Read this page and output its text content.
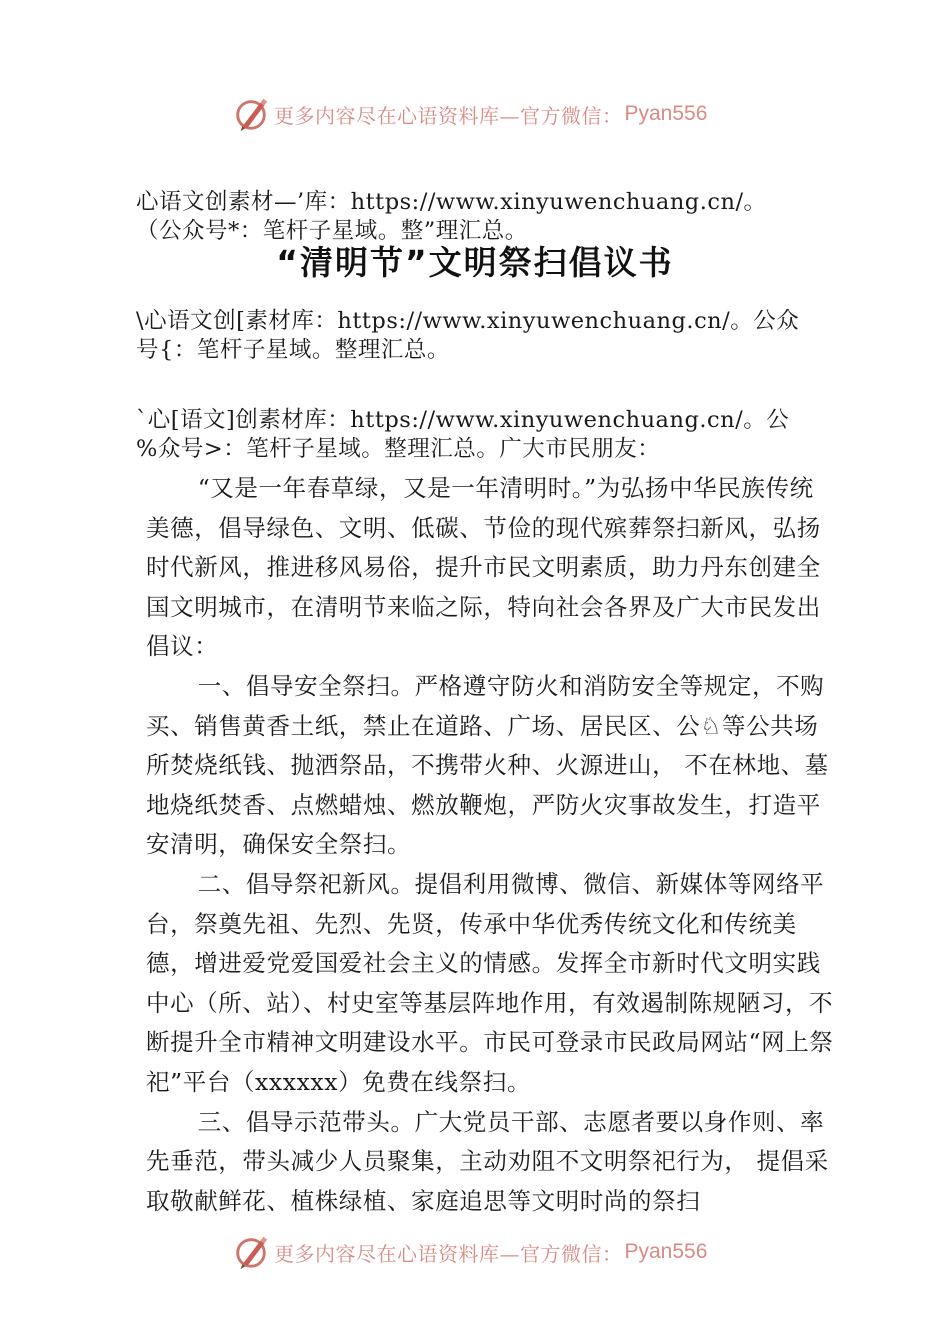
更多内容尽在心语资料库—官方微信： Pyan556
心语文创素材—’库：https://www.xinyuwenchuang.cn/。
（公众号*：笔杆子星域。整”理汇总。
“清明节”文明祭扫倡议书
\心语文创[素材库：https://www.xinyuwenchuang.cn/。公众
号{：笔杆子星域。整理汇总。
`心[语文]创素材库：https://www.xinyuwenchuang.cn/。公
%众号>：笔杆子星域。整理汇总。广大市民朋友：

“又是一年春草绿，又是一年清明时。”为弘扬中华民族传统美德，倡导绿色、文明、低碳、节俭的现代殡葬祭扫新风，弘扬时代新风，推进移风易俗，提升市民文明素质，助力丹东创建全国文明城市，在清明节来临之际，特向社会各界及广大市民发出倡议：

一、倡导安全祭扫。严格遵守防火和消防安全等规定，不购买、销售黄香土纸，禁止在道路、广场、居民区、公♘等公共场所焚烧纸钱、抛洒祭品，不携带火种、火源进山， 不在林地、墓地烧纸焚香、点燃蜡烛、燃放鞭炮，严防火灾事故发生，打造平安清明，确保安全祭扫。

二、倡导祭祀新风。提倡利用微博、微信、新媒体等网络平台，祭奠先祖、先烈、先贤，传承中华优秀传统文化和传统美德，增进爱党爱国爱社会主义的情感。发挥全市新时代文明实践中心（所、站）、村史室等基层阵地作用，有效遏制陈规陋习，不断提升全市精神文明建设水平。市民可登录市民政局网站“网上祭祀”平台（xxxxxx）免费在线祭扫。

三、倡导示范带头。广大党员干部、志愿者要以身作则、率先垂范，带头减少人员聚集，主动劝阻不文明祭祀行为， 提倡采取敬献鲜花、植株绿植、家庭追思等文明时尚的祭扫

更多内容尽在心语资料库—官方微信： Pyan556
